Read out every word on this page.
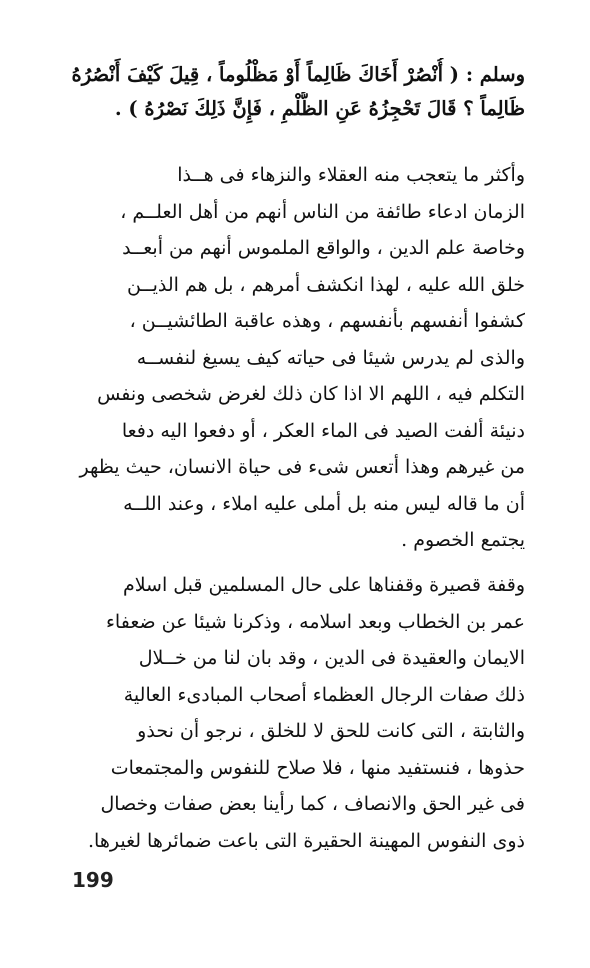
وسلم : ( أُنْصُرْ أَخَاكَ ظَالِماً أَوْ مَظْلُوماً ، قِيلَ كَيْفَ أَنْصُرُهُ
ظَالِماً ؟ قَالَ تَحْجِزُهُ عَنِ الظُّلْمِ ، فَإِنَّ ذَلِكَ نَصْرُهُ ) .
وأكثر ما يتعجب منه العقلاء والنزهاء فى هــذا
الزمان ادعاء طائفة من الناس أنهم من أهل العلــم ،
وخاصة علم الدين ، والواقع الملموس أنهم من أبعــد
خلق الله عليه ، لهذا انكشف أمرهم ، بل هم الذيــن
كشفوا أنفسهم بأنفسهم ، وهذه عاقبة الطائشيــن ،
والذى لم يدرس شيئا فى حياته كيف يسيغ لنفســه
التكلم فيه ، اللهم الا اذا كان ذلك لغرض شخصى ونفس
دنيئة ألفت الصيد فى الماء العكر ، أو دفعوا اليه دفعا
من غيرهم وهذا أتعس شىء فى حياة الانسان، حيث يظهر
أن ما قاله ليس منه بل أملى عليه املاء ، وعند اللــه
يجتمع الخصوم .
وقفة قصيرة وقفناها على حال المسلمين قبل اسلام
عمر بن الخطاب وبعد اسلامه ، وذكرنا شيئا عن ضعفاء
الايمان والعقيدة فى الدين ، وقد بان لنا من خــلال
ذلك صفات الرجال العظماء أصحاب المبادىء العالية
والثابتة ، التى كانت للحق لا للخلق ، نرجو أن نحذو
حذوها ، فنستفيد منها ، فلا صلاح للنفوس والمجتمعات
فى غير الحق والانصاف ، كما رأينا بعض صفات وخصال
ذوى النفوس المهينة الحقيرة التى باعت ضمائرها لغيرها.
199
